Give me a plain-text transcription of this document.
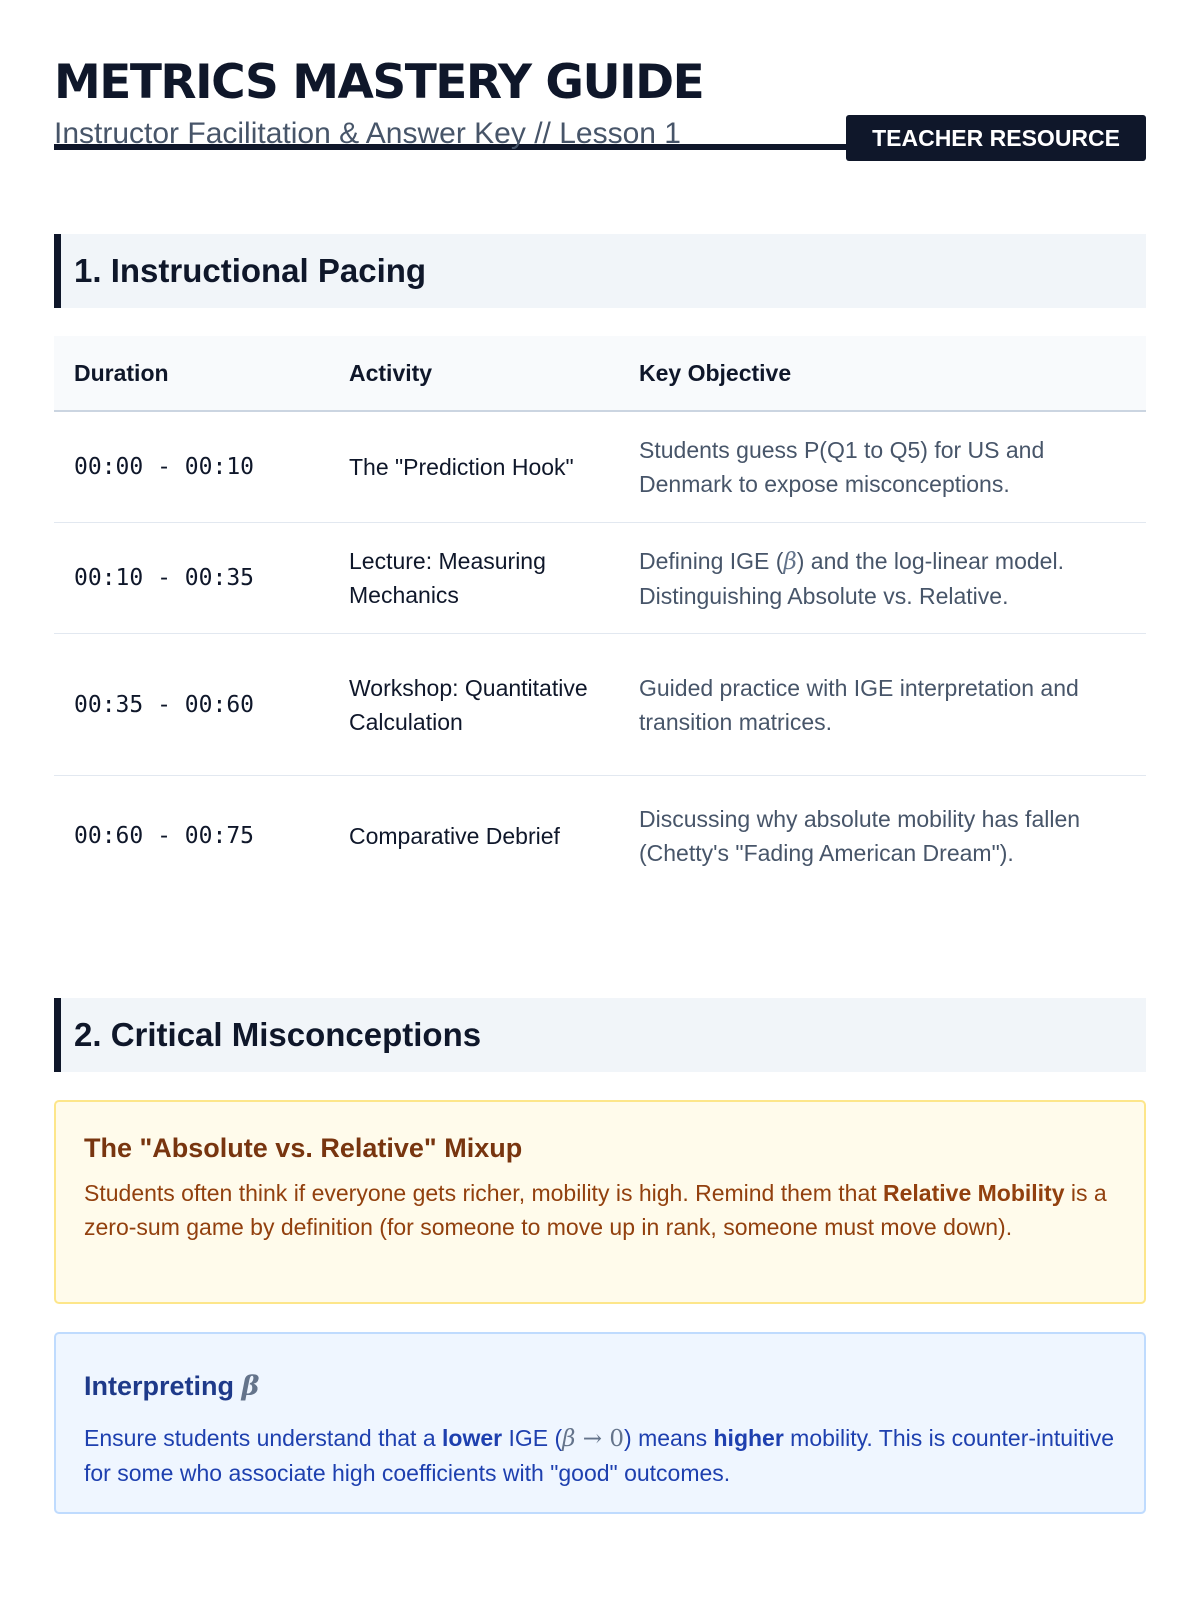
METRICS MASTERY GUIDE
Instructor Facilitation & Answer Key // Lesson 1	TEACHER RESOURCE
1. Instructional Pacing
Duration	Activity	Key Objective
00:00 - 00:10	The "Prediction Hook"	Students guess P(Q1 to Q5) for US and Denmark to expose misconceptions.
00:10 - 00:35	Lecture: Measuring Mechanics	Defining IGE (β) and the log-linear model. Distinguishing Absolute vs. Relative.
00:35 - 00:60	Workshop: Quantitative Calculation	Guided practice with IGE interpretation and transition matrices.
00:60 - 00:75	Comparative Debrief	Discussing why absolute mobility has fallen (Chetty's "Fading American Dream").
2. Critical Misconceptions
The "Absolute vs. Relative" Mixup

Students often think if everyone gets richer, mobility is high. Remind them that Relative Mobility is a zero-sum game by definition (for someone to move up in rank, someone must move down).

Interpreting β

Ensure students understand that a lower IGE (β → 0) means higher mobility. This is counter-intuitive for some who associate high coefficients with "good" outcomes.
